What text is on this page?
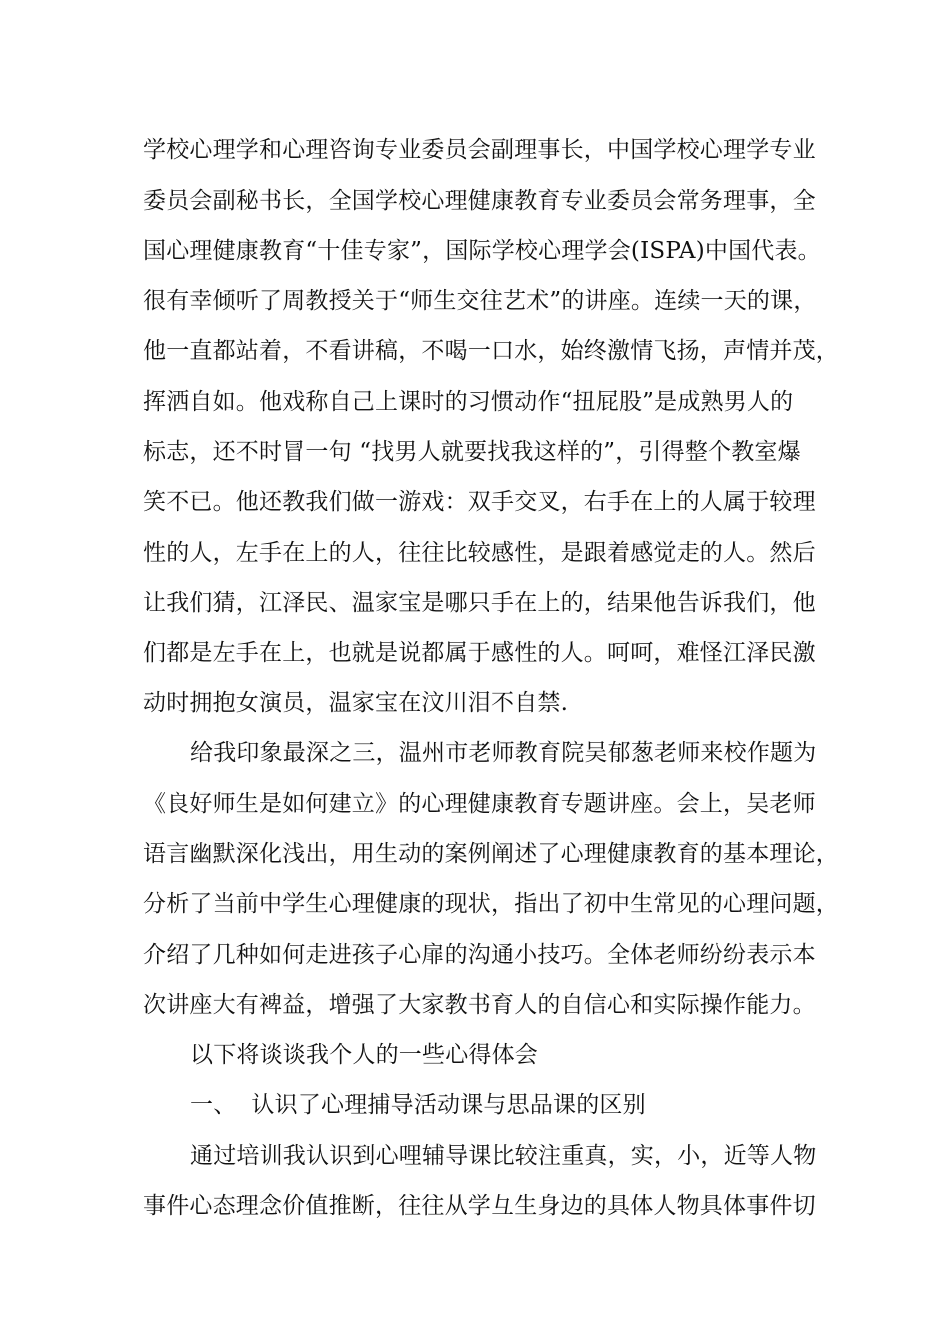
学校心理学和心理咨询专业委员会副理事长，中国学校心理学专业
委员会副秘书长，全国学校心理健康教育专业委员会常务理事，全
国心理健康教育“十佳专家”，国际学校心理学会(ISPA)中国代表。
很有幸倾听了周教授关于“师生交往艺术”的讲座。连续一天的课，
他一直都站着，不看讲稿，不喝一口水，始终激情飞扬，声情并茂，
挥洒自如。他戏称自己上课时的习惯动作“扭屁股”是成熟男人的
标志，还不时冒一句 “找男人就要找我这样的”，引得整个教室爆
笑不已。他还教我们做一游戏：双手交叉，右手在上的人属于较理
性的人，左手在上的人，往往比较感性，是跟着感觉走的人。然后
让我们猜，江泽民、温家宝是哪只手在上的，结果他告诉我们，他
们都是左手在上，也就是说都属于感性的人。呵呵，难怪江泽民激
动时拥抱女演员，温家宝在汶川泪不自禁.
给我印象最深之三，温州市老师教育院吴郁葱老师来校作题为
《良好师生是如何建立》的心理健康教育专题讲座。会上，吴老师
语言幽默深化浅出，用生动的案例阐述了心理健康教育的基本理论，
分析了当前中学生心理健康的现状，指出了初中生常见的心理问题，
介绍了几种如何走进孩子心扉的沟通小技巧。全体老师纷纷表示本
次讲座大有裨益，增强了大家教书育人的自信心和实际操作能力。
以下将谈谈我个人的一些心得体会
一、  认识了心理捕导活动课与思品课的区别
通过培训我认识到心哩辅导课比较注重真，实，小，近等人物
事件心态理念价值推断，往往从学彑生身边的具体人物具体事件切
